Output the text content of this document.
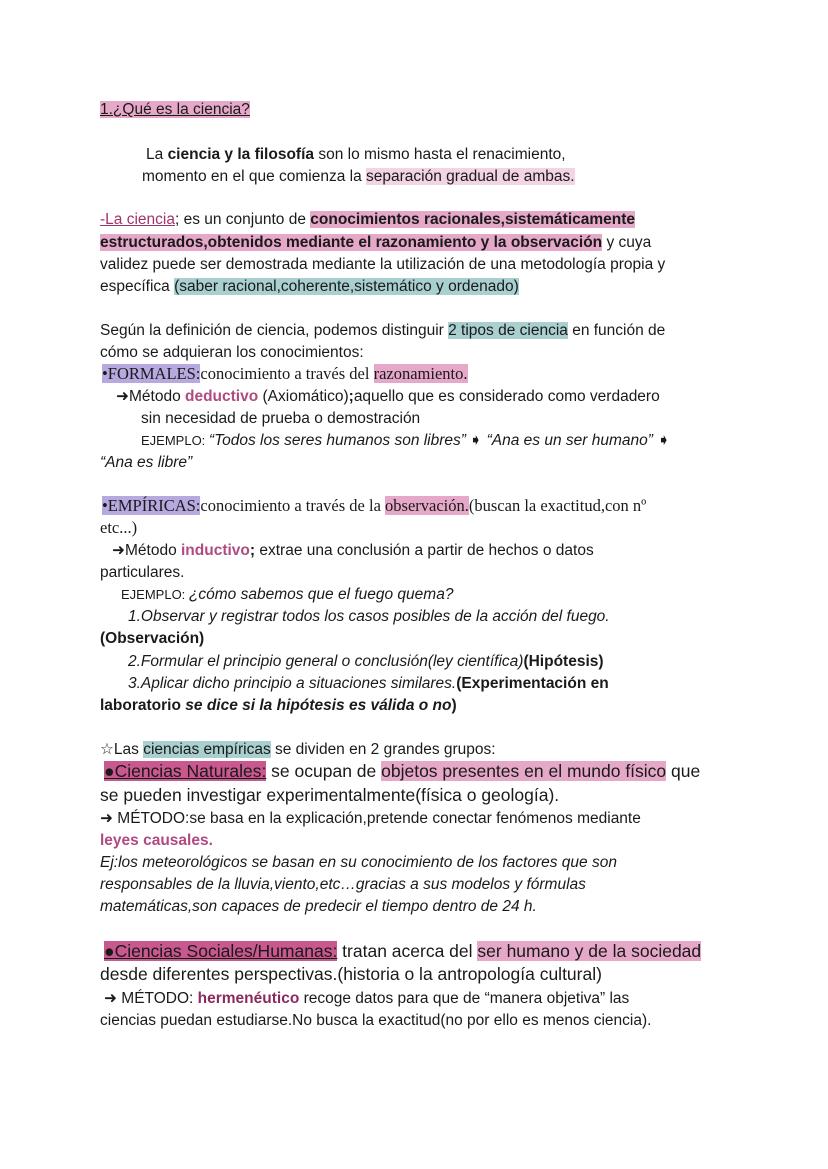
1.¿Qué es la ciencia?
La ciencia y la filosofía son lo mismo hasta el renacimiento,
momento en el que comienza la separación gradual de ambas.
-La ciencia; es un conjunto de conocimientos racionales,sistemáticamente
estructurados,obtenidos mediante el razonamiento y la observación y cuya
validez puede ser demostrada mediante la utilización de una metodología propia y
específica (saber racional,coherente,sistemático y ordenado)
Según la definición de ciencia, podemos distinguir 2 tipos de ciencia en función de
cómo se adquieran los conocimientos:
•FORMALES:conocimiento a través del razonamiento.
➜Método deductivo (Axiomático);aquello que es considerado como verdadero
sin necesidad de prueba o demostración
EJEMPLO: “Todos los seres humanos son libres” ➧ “Ana es un ser humano” ➧
“Ana es libre”
•EMPÍRICAS:conocimiento a través de la observación.(buscan la exactitud,con nº
etc...)
➜Método inductivo; extrae una conclusión a partir de hechos o datos
particulares.
EJEMPLO: ¿cómo sabemos que el fuego quema?
1.Observar y registrar todos los casos posibles de la acción del fuego.
(Observación)
2.Formular el principio general o conclusión(ley científica)(Hipótesis)
3.Aplicar dicho principio a situaciones similares.(Experimentación en
laboratorio se dice si la hipótesis es válida o no)
☆Las ciencias empíricas se dividen en 2 grandes grupos:
●Ciencias Naturales: se ocupan de objetos presentes en el mundo físico que
se pueden investigar experimentalmente(física o geología).
➜ MÉTODO:se basa en la explicación,pretende conectar fenómenos mediante
leyes causales.
Ej:los meteorológicos se basan en su conocimiento de los factores que son
responsables de la lluvia,viento,etc…gracias a sus modelos y fórmulas
matemáticas,son capaces de predecir el tiempo dentro de 24 h.
●Ciencias Sociales/Humanas: tratan acerca del ser humano y de la sociedad
desde diferentes perspectivas.(historia o la antropología cultural)
➜ MÉTODO: hermenéutico recoge datos para que de “manera objetiva” las
ciencias puedan estudiarse.No busca la exactitud(no por ello es menos ciencia).
